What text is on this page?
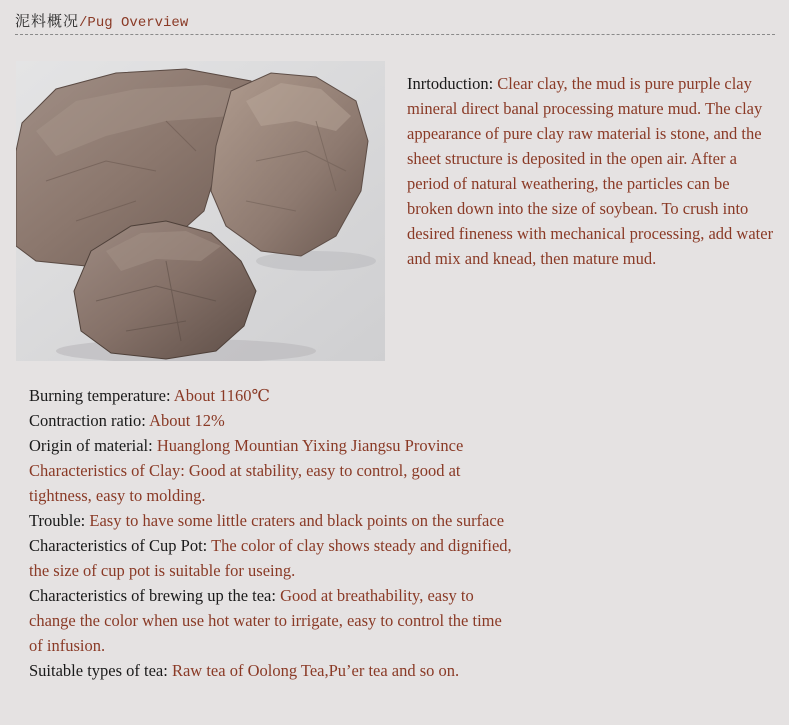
泥料概况/Pug Overview
Inrtoduction: Clear clay, the mud is pure purple clay mineral direct banal processing mature mud. The clay appearance of pure clay raw material is stone, and the sheet structure is deposited in the open air. After a period of natural weathering, the particles can be broken down into the size of soybean. To crush into desired fineness with mechanical processing, add water and mix and knead, then mature mud.
Burning temperature: About 1160℃
Contraction ratio: About 12%
Origin of material: Huanglong Mountian Yixing Jiangsu Province
Characteristics of Clay: Good at stability, easy to control, good at tightness, easy to molding.
Trouble: Easy to have some little craters and black points on the surface
Characteristics of Cup Pot: The color of clay shows steady and dignified, the size of cup pot is suitable for useing.
Characteristics of brewing up the tea: Good at breathability, easy to change the color when use hot water to irrigate, easy to control the time of infusion.
Suitable types of tea: Raw tea of Oolong Tea,Pu’er tea and so on.
